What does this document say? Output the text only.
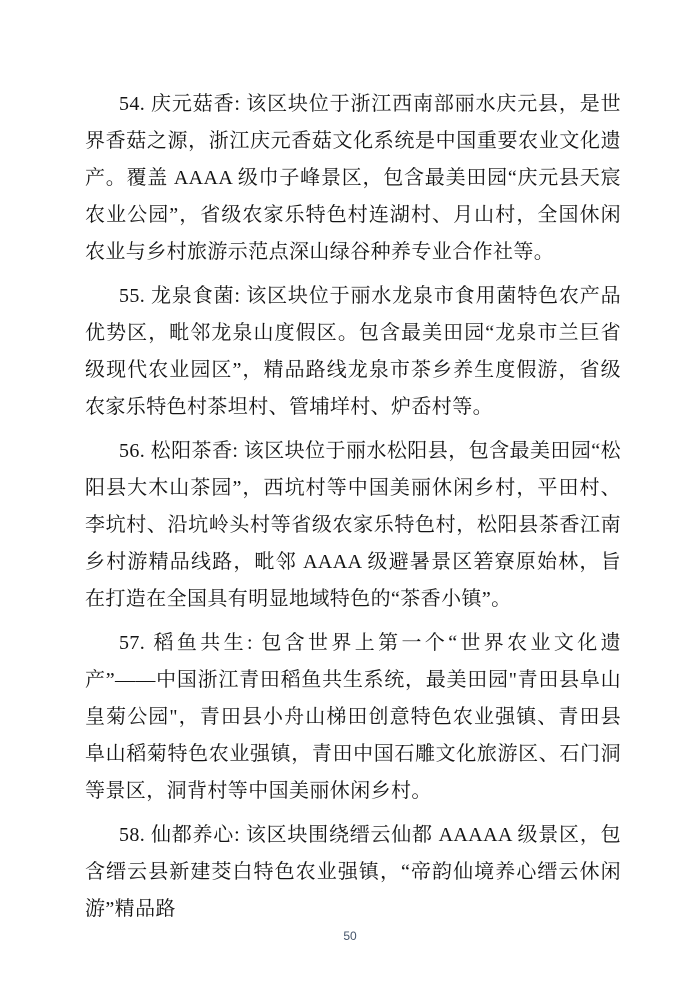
54. 庆元菇香: 该区块位于浙江西南部丽水庆元县，是世界香菇之源，浙江庆元香菇文化系统是中国重要农业文化遗产。覆盖 AAAA 级巾子峰景区，包含最美田园“庆元县天宸农业公园”，省级农家乐特色村连湖村、月山村，全国休闲农业与乡村旅游示范点深山绿谷种养专业合作社等。

55. 龙泉食菌: 该区块位于丽水龙泉市食用菌特色农产品优势区，毗邻龙泉山度假区。包含最美田园“龙泉市兰巨省级现代农业园区”，精品路线龙泉市茶乡养生度假游，省级农家乐特色村茶坦村、管埔垟村、炉岙村等。

56. 松阳茶香: 该区块位于丽水松阳县，包含最美田园“松阳县大木山茶园”，西坑村等中国美丽休闲乡村，平田村、李坑村、沿坑岭头村等省级农家乐特色村，松阳县茶香江南乡村游精品线路，毗邻 AAAA 级避暑景区箬寮原始林，旨在打造在全国具有明显地域特色的“茶香小镇”。

57. 稻鱼共生: 包含世界上第一个“世界农业文化遗产”——中国浙江青田稻鱼共生系统，最美田园"青田县阜山皇菊公园"，青田县小舟山梯田创意特色农业强镇、青田县阜山稻菊特色农业强镇，青田中国石雕文化旅游区、石门洞等景区，洞背村等中国美丽休闲乡村。

58. 仙都养心: 该区块围绕缙云仙都 AAAAA 级景区，包含缙云县新建茭白特色农业强镇，“帝韵仙境养心缙云休闲游”精品路

50
